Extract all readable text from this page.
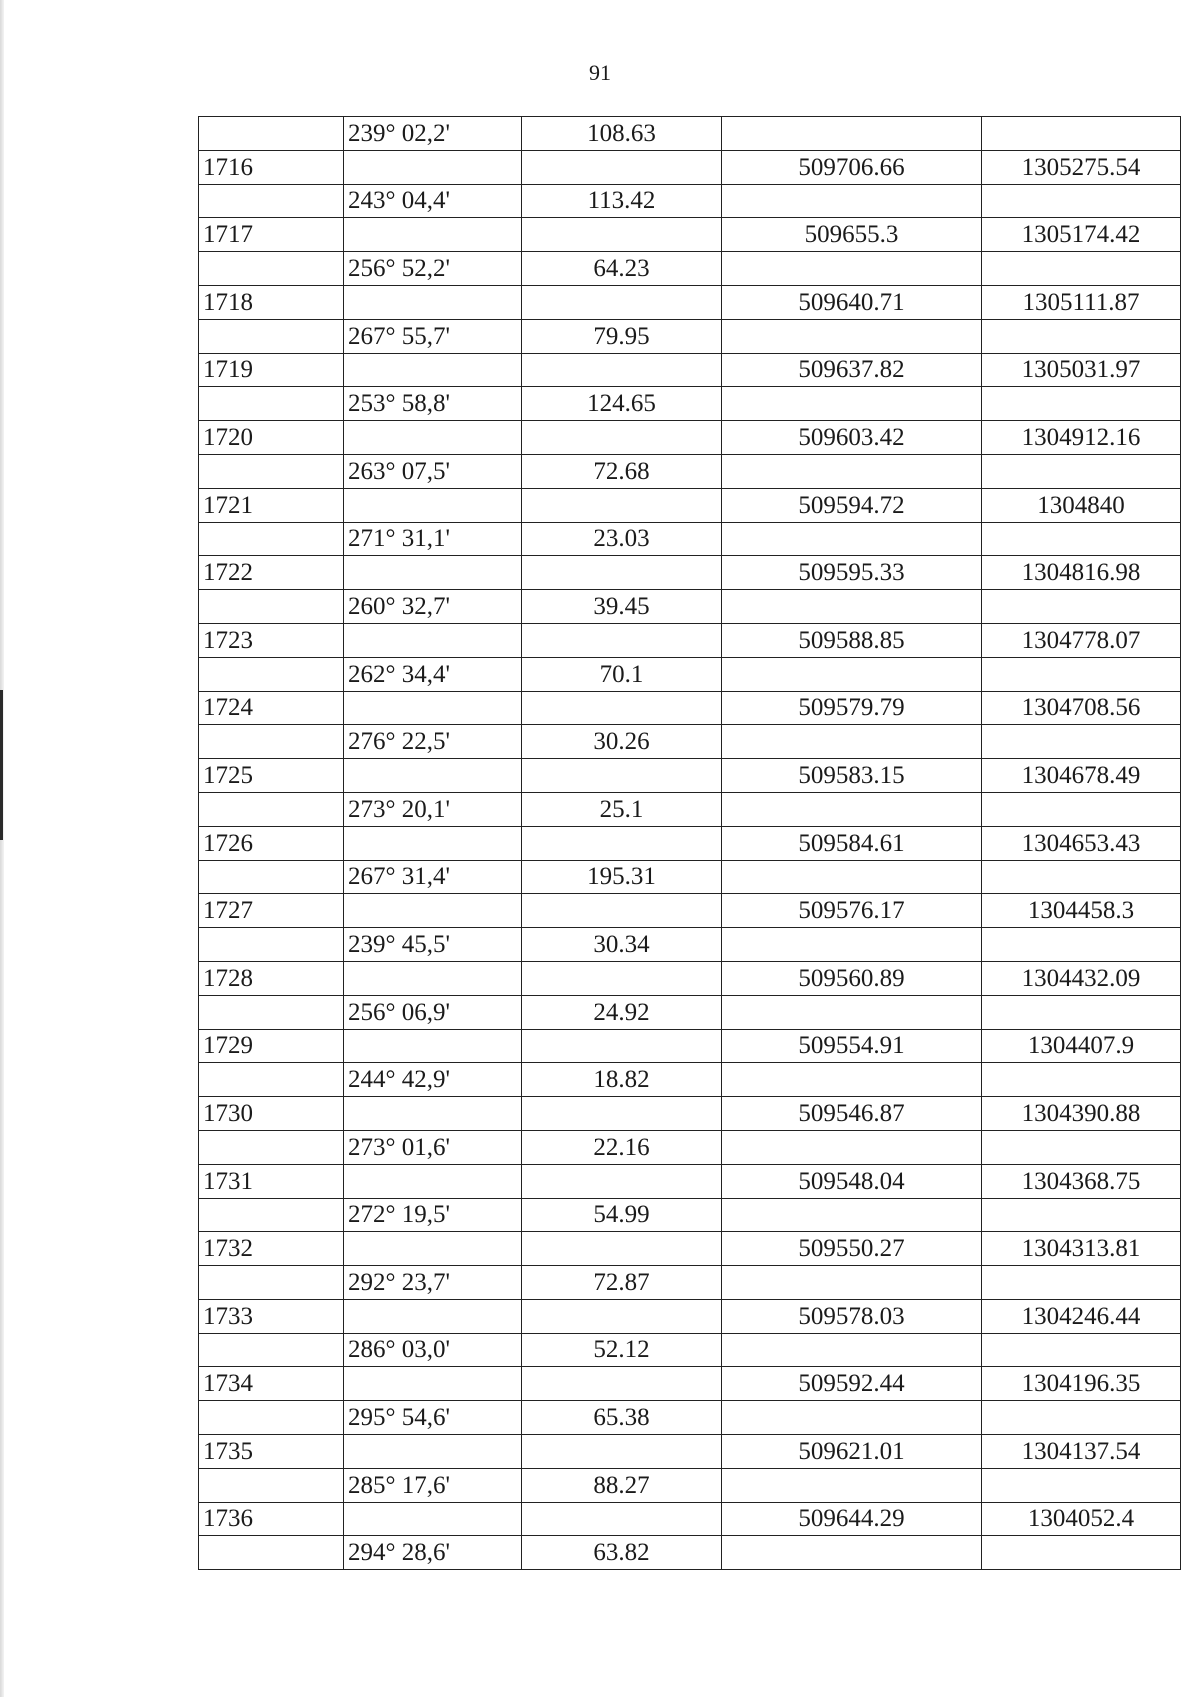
91
	239° 02,2'	108.63		
1716			509706.66	1305275.54
	243° 04,4'	113.42		
1717			509655.3	1305174.42
	256° 52,2'	64.23		
1718			509640.71	1305111.87
	267° 55,7'	79.95		
1719			509637.82	1305031.97
	253° 58,8'	124.65		
1720			509603.42	1304912.16
	263° 07,5'	72.68		
1721			509594.72	1304840
	271° 31,1'	23.03		
1722			509595.33	1304816.98
	260° 32,7'	39.45		
1723			509588.85	1304778.07
	262° 34,4'	70.1		
1724			509579.79	1304708.56
	276° 22,5'	30.26		
1725			509583.15	1304678.49
	273° 20,1'	25.1		
1726			509584.61	1304653.43
	267° 31,4'	195.31		
1727			509576.17	1304458.3
	239° 45,5'	30.34		
1728			509560.89	1304432.09
	256° 06,9'	24.92		
1729			509554.91	1304407.9
	244° 42,9'	18.82		
1730			509546.87	1304390.88
	273° 01,6'	22.16		
1731			509548.04	1304368.75
	272° 19,5'	54.99		
1732			509550.27	1304313.81
	292° 23,7'	72.87		
1733			509578.03	1304246.44
	286° 03,0'	52.12		
1734			509592.44	1304196.35
	295° 54,6'	65.38		
1735			509621.01	1304137.54
	285° 17,6'	88.27		
1736			509644.29	1304052.4
	294° 28,6'	63.82		
